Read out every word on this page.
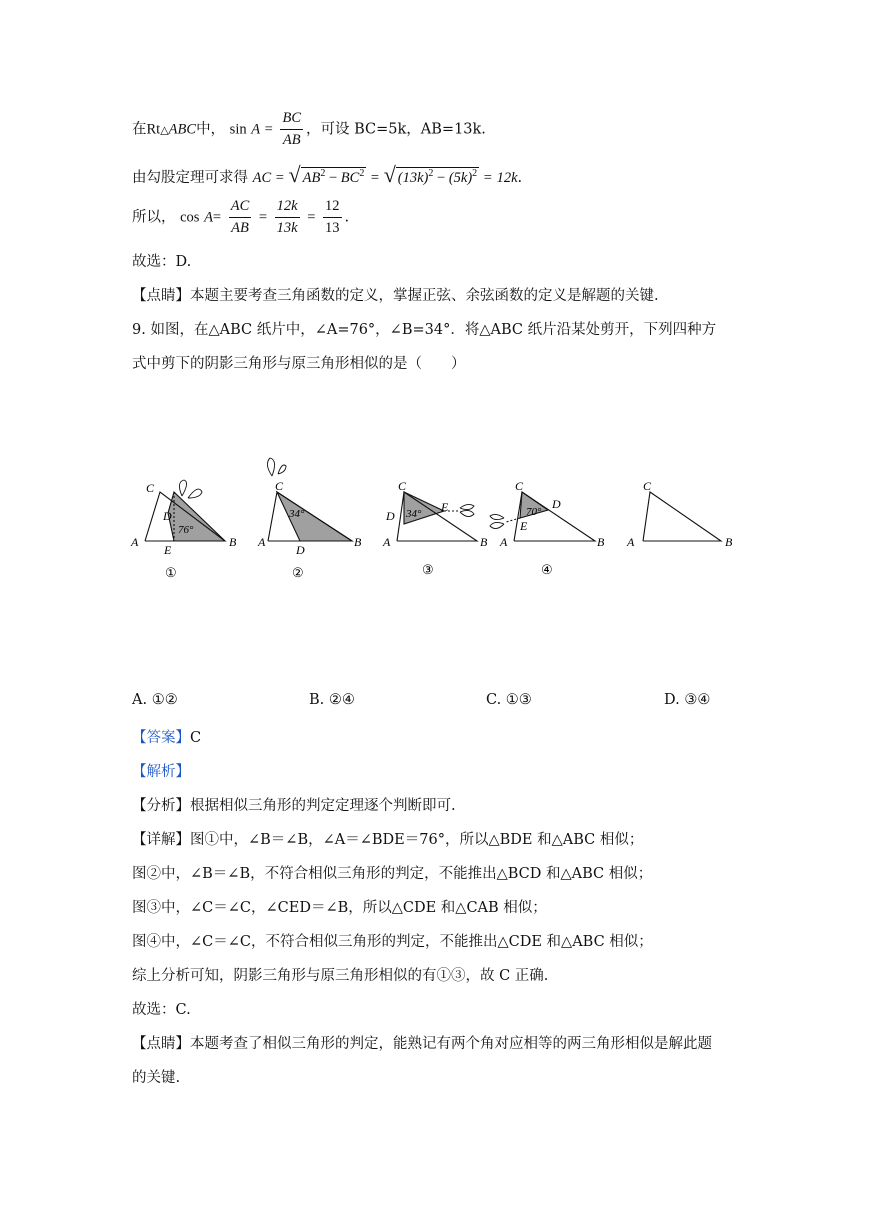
在Rt△ABC中， $\sin A = \frac{BC}{AB}$ ，可设 BC=5k，AB=13k.
由勾股定理可求得 AC = √ $AB^2 - BC^2$ = √ $(13k)^2 - (5k)^2 = 12k$.
所以， $\cos A= \frac{AC}{AB} = \frac{12k}{13k} = \frac{12}{13}$ .
故选：D.
【点睛】本题主要考查三角函数的定义，掌握正弦、余弦函数的定义是解题的关键.
9. 如图，在△ABC 纸片中，∠A=76°，∠B=34°．将△ABC 纸片沿某处剪开，下列四种方
式中剪下的阴影三角形与原三角形相似的是（　　）
C
A	B
D
E
76°
①
C
A	B
D
34°
②
C
D
E
A	B
34°
③
C
D
E
A	B
70°
④
C
A	B
A. ①②	B. ②④	C. ①③	D. ③④
【答案】C
【解析】
【分析】根据相似三角形的判定定理逐个判断即可.
【详解】图①中，∠B＝∠B，∠A＝∠BDE＝76°，所以△BDE 和△ABC 相似；
图②中，∠B＝∠B，不符合相似三角形的判定，不能推出△BCD 和△ABC 相似；
图③中，∠C＝∠C，∠CED＝∠B，所以△CDE 和△CAB 相似；
图④中，∠C＝∠C，不符合相似三角形的判定，不能推出△CDE 和△ABC 相似；
综上分析可知，阴影三角形与原三角形相似的有①③，故 C 正确.
故选：C.
【点睛】本题考查了相似三角形的判定，能熟记有两个角对应相等的两三角形相似是解此题
的关键.
